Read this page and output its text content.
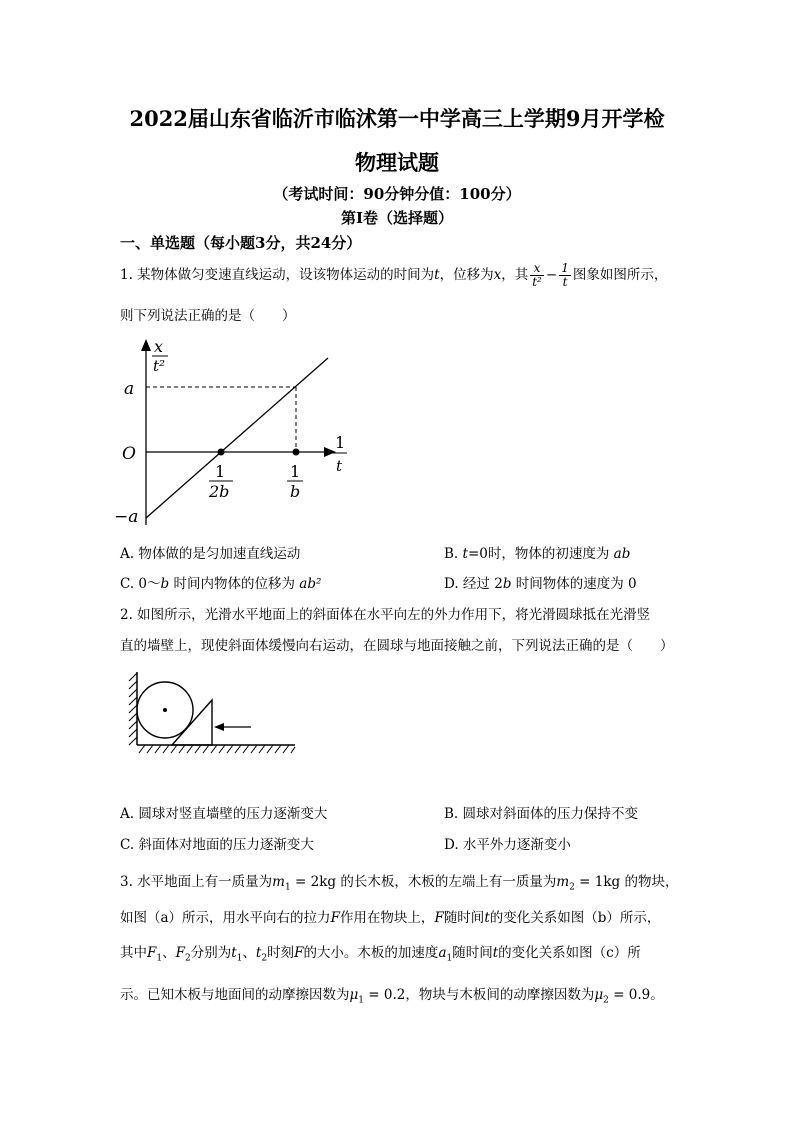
2022届山东省临沂市临沭第一中学高三上学期9月开学检
物理试题
（考试时间：90分钟分值：100分）
第Ⅰ卷（选择题）
一、单选题（每小题3分，共24分）
1. 某物体做匀变速直线运动，设该物体运动的时间为t，位移为x，其 $\frac{x}{\text{t²}} - \frac{1}{t}$ 图象如图所示，
则下列说法正确的是（　　）
x
t²
a
O
−a
1
t
1
2b
1
b
A. 物体做的是匀加速直线运动	B. t=0时，物体的初速度为 ab
C. 0～b 时间内物体的位移为 ab²	D. 经过 2b 时间物体的速度为 0
2. 如图所示，光滑水平地面上的斜面体在水平向左的外力作用下，将光滑圆球抵在光滑竖
直的墙壁上，现使斜面体缓慢向右运动，在圆球与地面接触之前，下列说法正确的是（　　）
A. 圆球对竖直墙壁的压力逐渐变大	B. 圆球对斜面体的压力保持不变
C. 斜面体对地面的压力逐渐变大	D. 水平外力逐渐变小
3. 水平地面上有一质量为$m_1 = 2kg$ 的长木板，木板的左端上有一质量为$m_2 = 1kg$ 的物块，
如图（a）所示，用水平向右的拉力F作用在物块上，F随时间t的变化关系如图（b）所示，
其中$F_1$、$F_2$分别为$t_1$、$t_2$时刻F的大小。木板的加速度$a_1$随时间t的变化关系如图（c）所
示。已知木板与地面间的动摩擦因数为$\mu_1 = 0.2$，物块与木板间的动摩擦因数为$\mu_2 = 0.9$。
